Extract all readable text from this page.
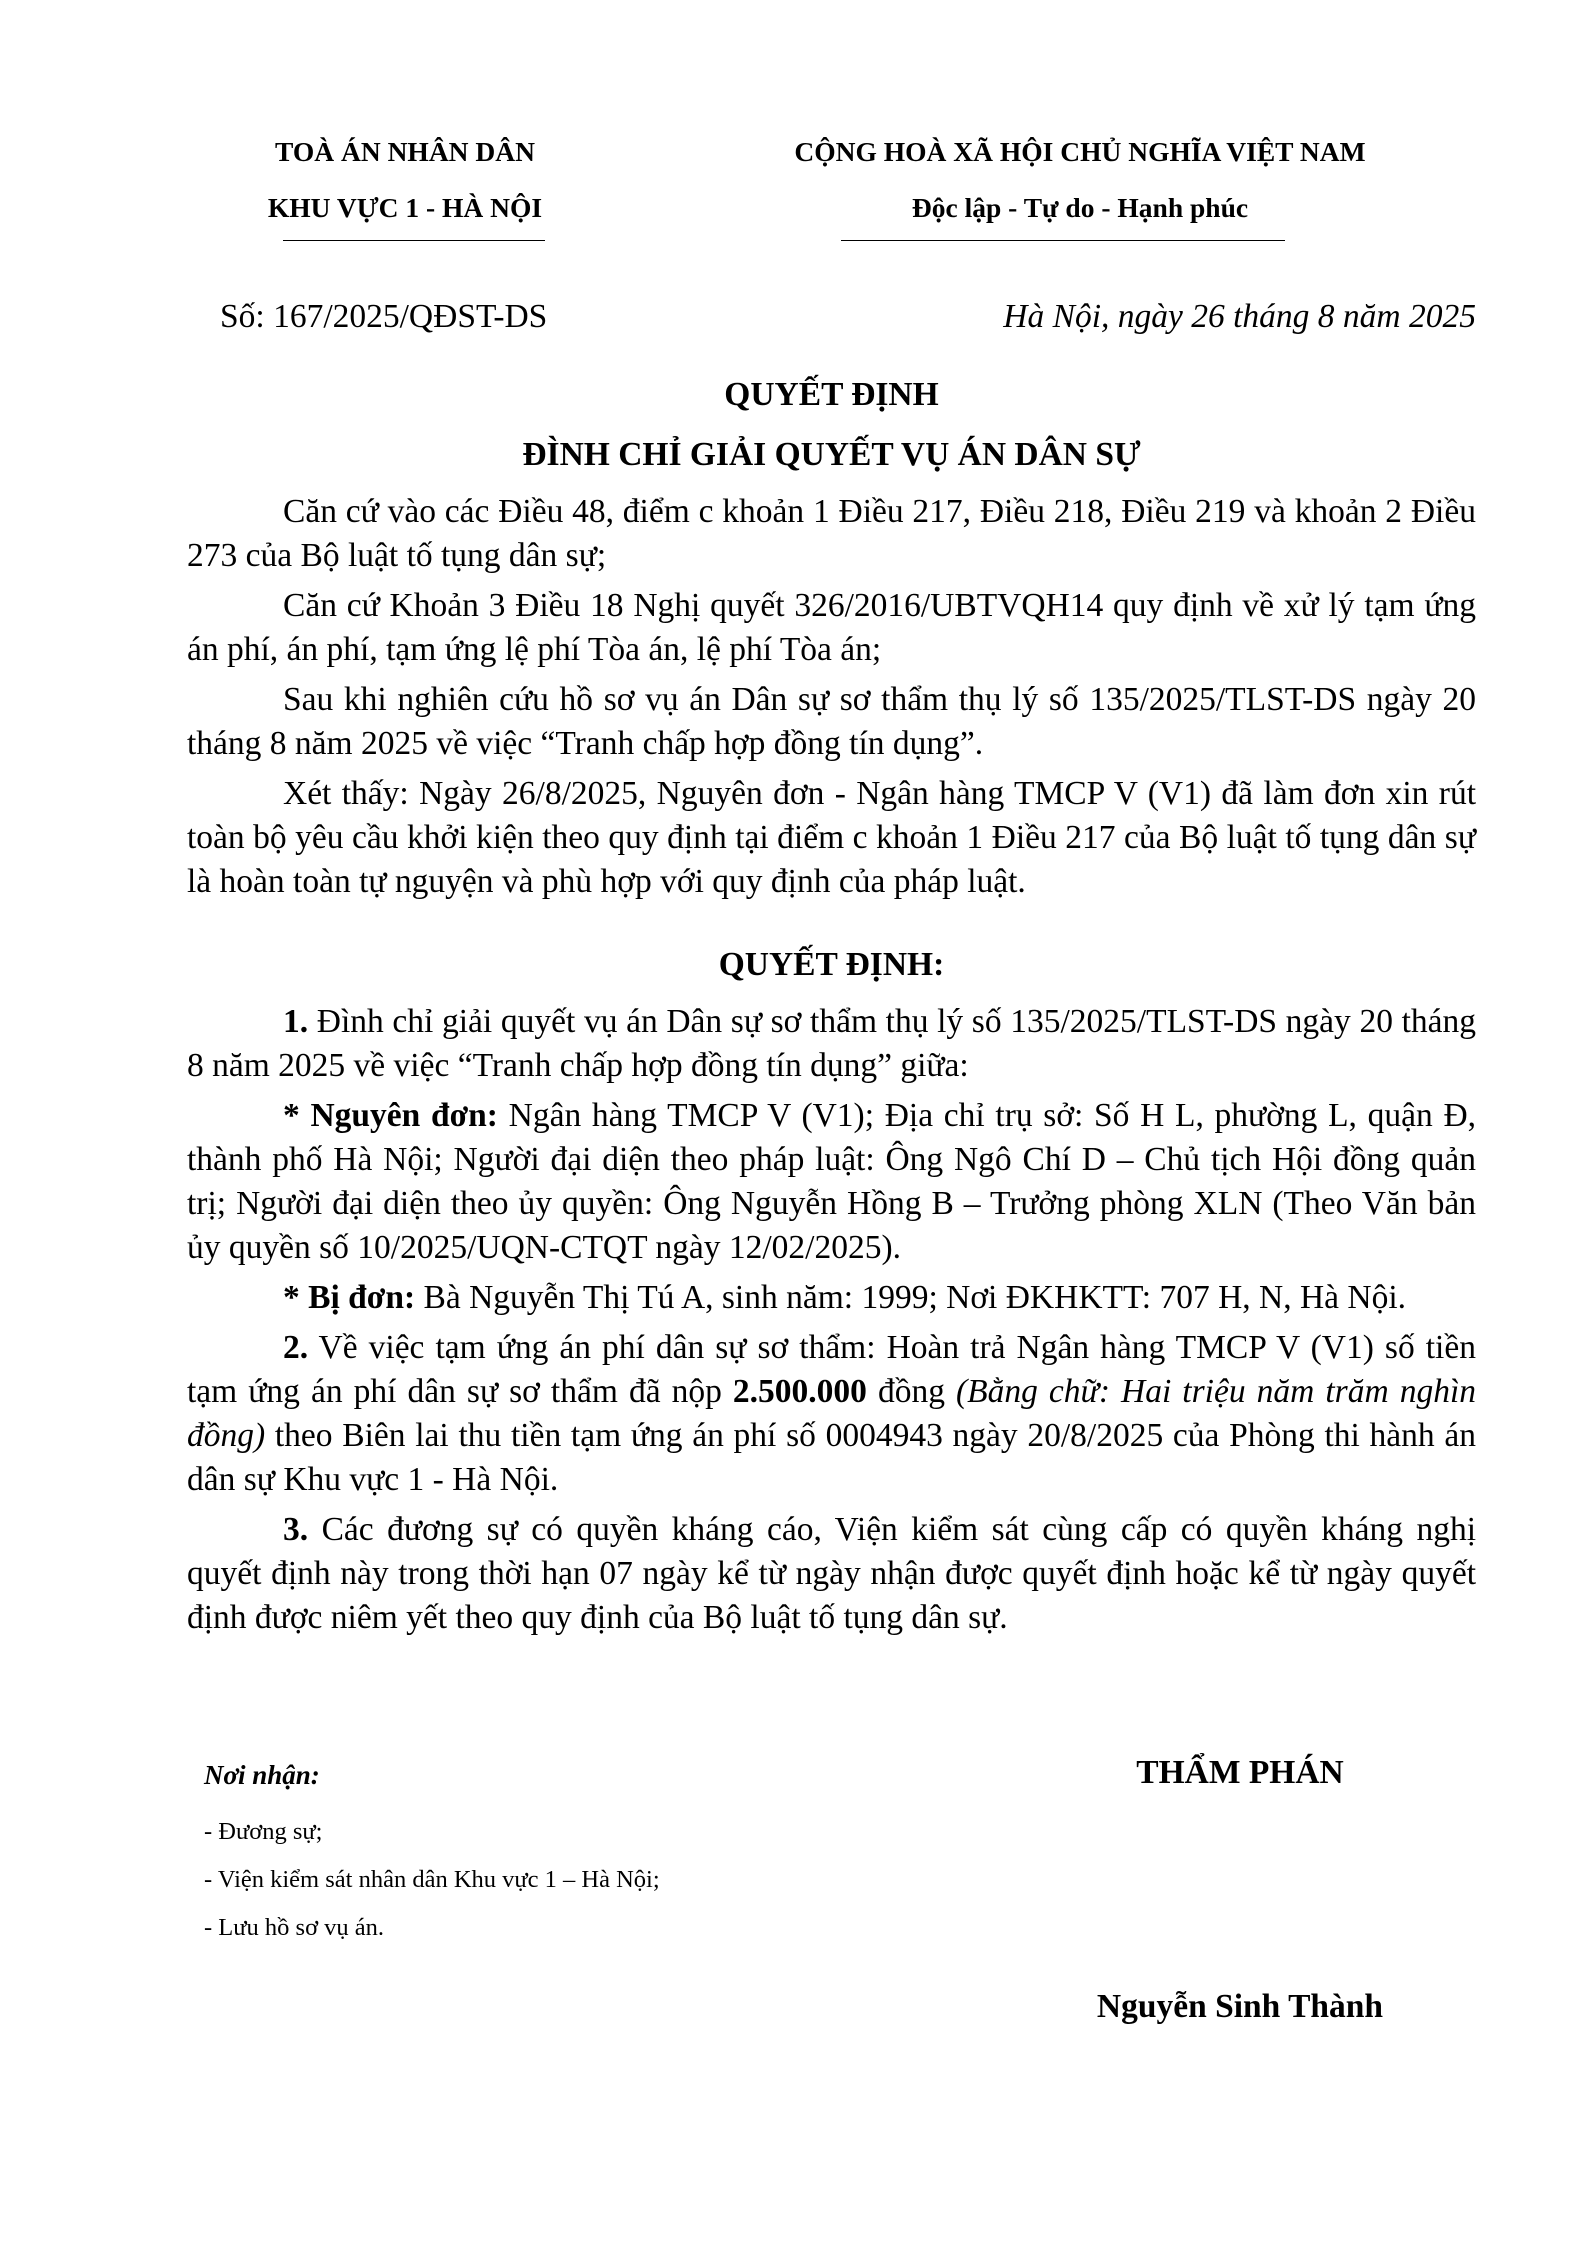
TOÀ ÁN NHÂN DÂN
KHU VỰC 1 - HÀ NỘI
CỘNG HOÀ XÃ HỘI CHỦ NGHĨA VIỆT NAM
Độc lập - Tự do - Hạnh phúc
Số: 167/2025/QĐST-DS	Hà Nội, ngày 26 tháng 8 năm 2025
QUYẾT ĐỊNH
ĐÌNH CHỈ GIẢI QUYẾT VỤ ÁN DÂN SỰ

Căn cứ vào các Điều 48, điểm c khoản 1 Điều 217, Điều 218, Điều 219 và khoản 2 Điều 273 của Bộ luật tố tụng dân sự;

Căn cứ Khoản 3 Điều 18 Nghị quyết 326/2016/UBTVQH14 quy định về xử lý tạm ứng án phí, án phí, tạm ứng lệ phí Tòa án, lệ phí Tòa án;

Sau khi nghiên cứu hồ sơ vụ án Dân sự sơ thẩm thụ lý số 135/2025/TLST-DS ngày 20 tháng 8 năm 2025 về việc “Tranh chấp hợp đồng tín dụng”.

Xét thấy: Ngày 26/8/2025, Nguyên đơn - Ngân hàng TMCP V (V1) đã làm đơn xin rút toàn bộ yêu cầu khởi kiện theo quy định tại điểm c khoản 1 Điều 217 của Bộ luật tố tụng dân sự là hoàn toàn tự nguyện và phù hợp với quy định của pháp luật.

QUYẾT ĐỊNH:

1. Đình chỉ giải quyết vụ án Dân sự sơ thẩm thụ lý số 135/2025/TLST-DS ngày 20 tháng 8 năm 2025 về việc “Tranh chấp hợp đồng tín dụng” giữa:

* Nguyên đơn: Ngân hàng TMCP V (V1); Địa chỉ trụ sở: Số H L, phường L, quận Đ, thành phố Hà Nội; Người đại diện theo pháp luật: Ông Ngô Chí D – Chủ tịch Hội đồng quản trị; Người đại diện theo ủy quyền: Ông Nguyễn Hồng B – Trưởng phòng XLN (Theo Văn bản ủy quyền số 10/2025/UQN-CTQT ngày 12/02/2025).

* Bị đơn: Bà Nguyễn Thị Tú A, sinh năm: 1999; Nơi ĐKHKTT: 707 H, N, Hà Nội.

2. Về việc tạm ứng án phí dân sự sơ thẩm: Hoàn trả Ngân hàng TMCP V (V1) số tiền tạm ứng án phí dân sự sơ thẩm đã nộp 2.500.000 đồng (Bằng chữ: Hai triệu năm trăm nghìn đồng) theo Biên lai thu tiền tạm ứng án phí số 0004943 ngày 20/8/2025 của Phòng thi hành án dân sự Khu vực 1 - Hà Nội.

3. Các đương sự có quyền kháng cáo, Viện kiểm sát cùng cấp có quyền kháng nghị quyết định này trong thời hạn 07 ngày kể từ ngày nhận được quyết định hoặc kể từ ngày quyết định được niêm yết theo quy định của Bộ luật tố tụng dân sự.

Nơi nhận:
- Đương sự;
- Viện kiểm sát nhân dân Khu vực 1 – Hà Nội;
- Lưu hồ sơ vụ án.
THẨM PHÁN
Nguyễn Sinh Thành
